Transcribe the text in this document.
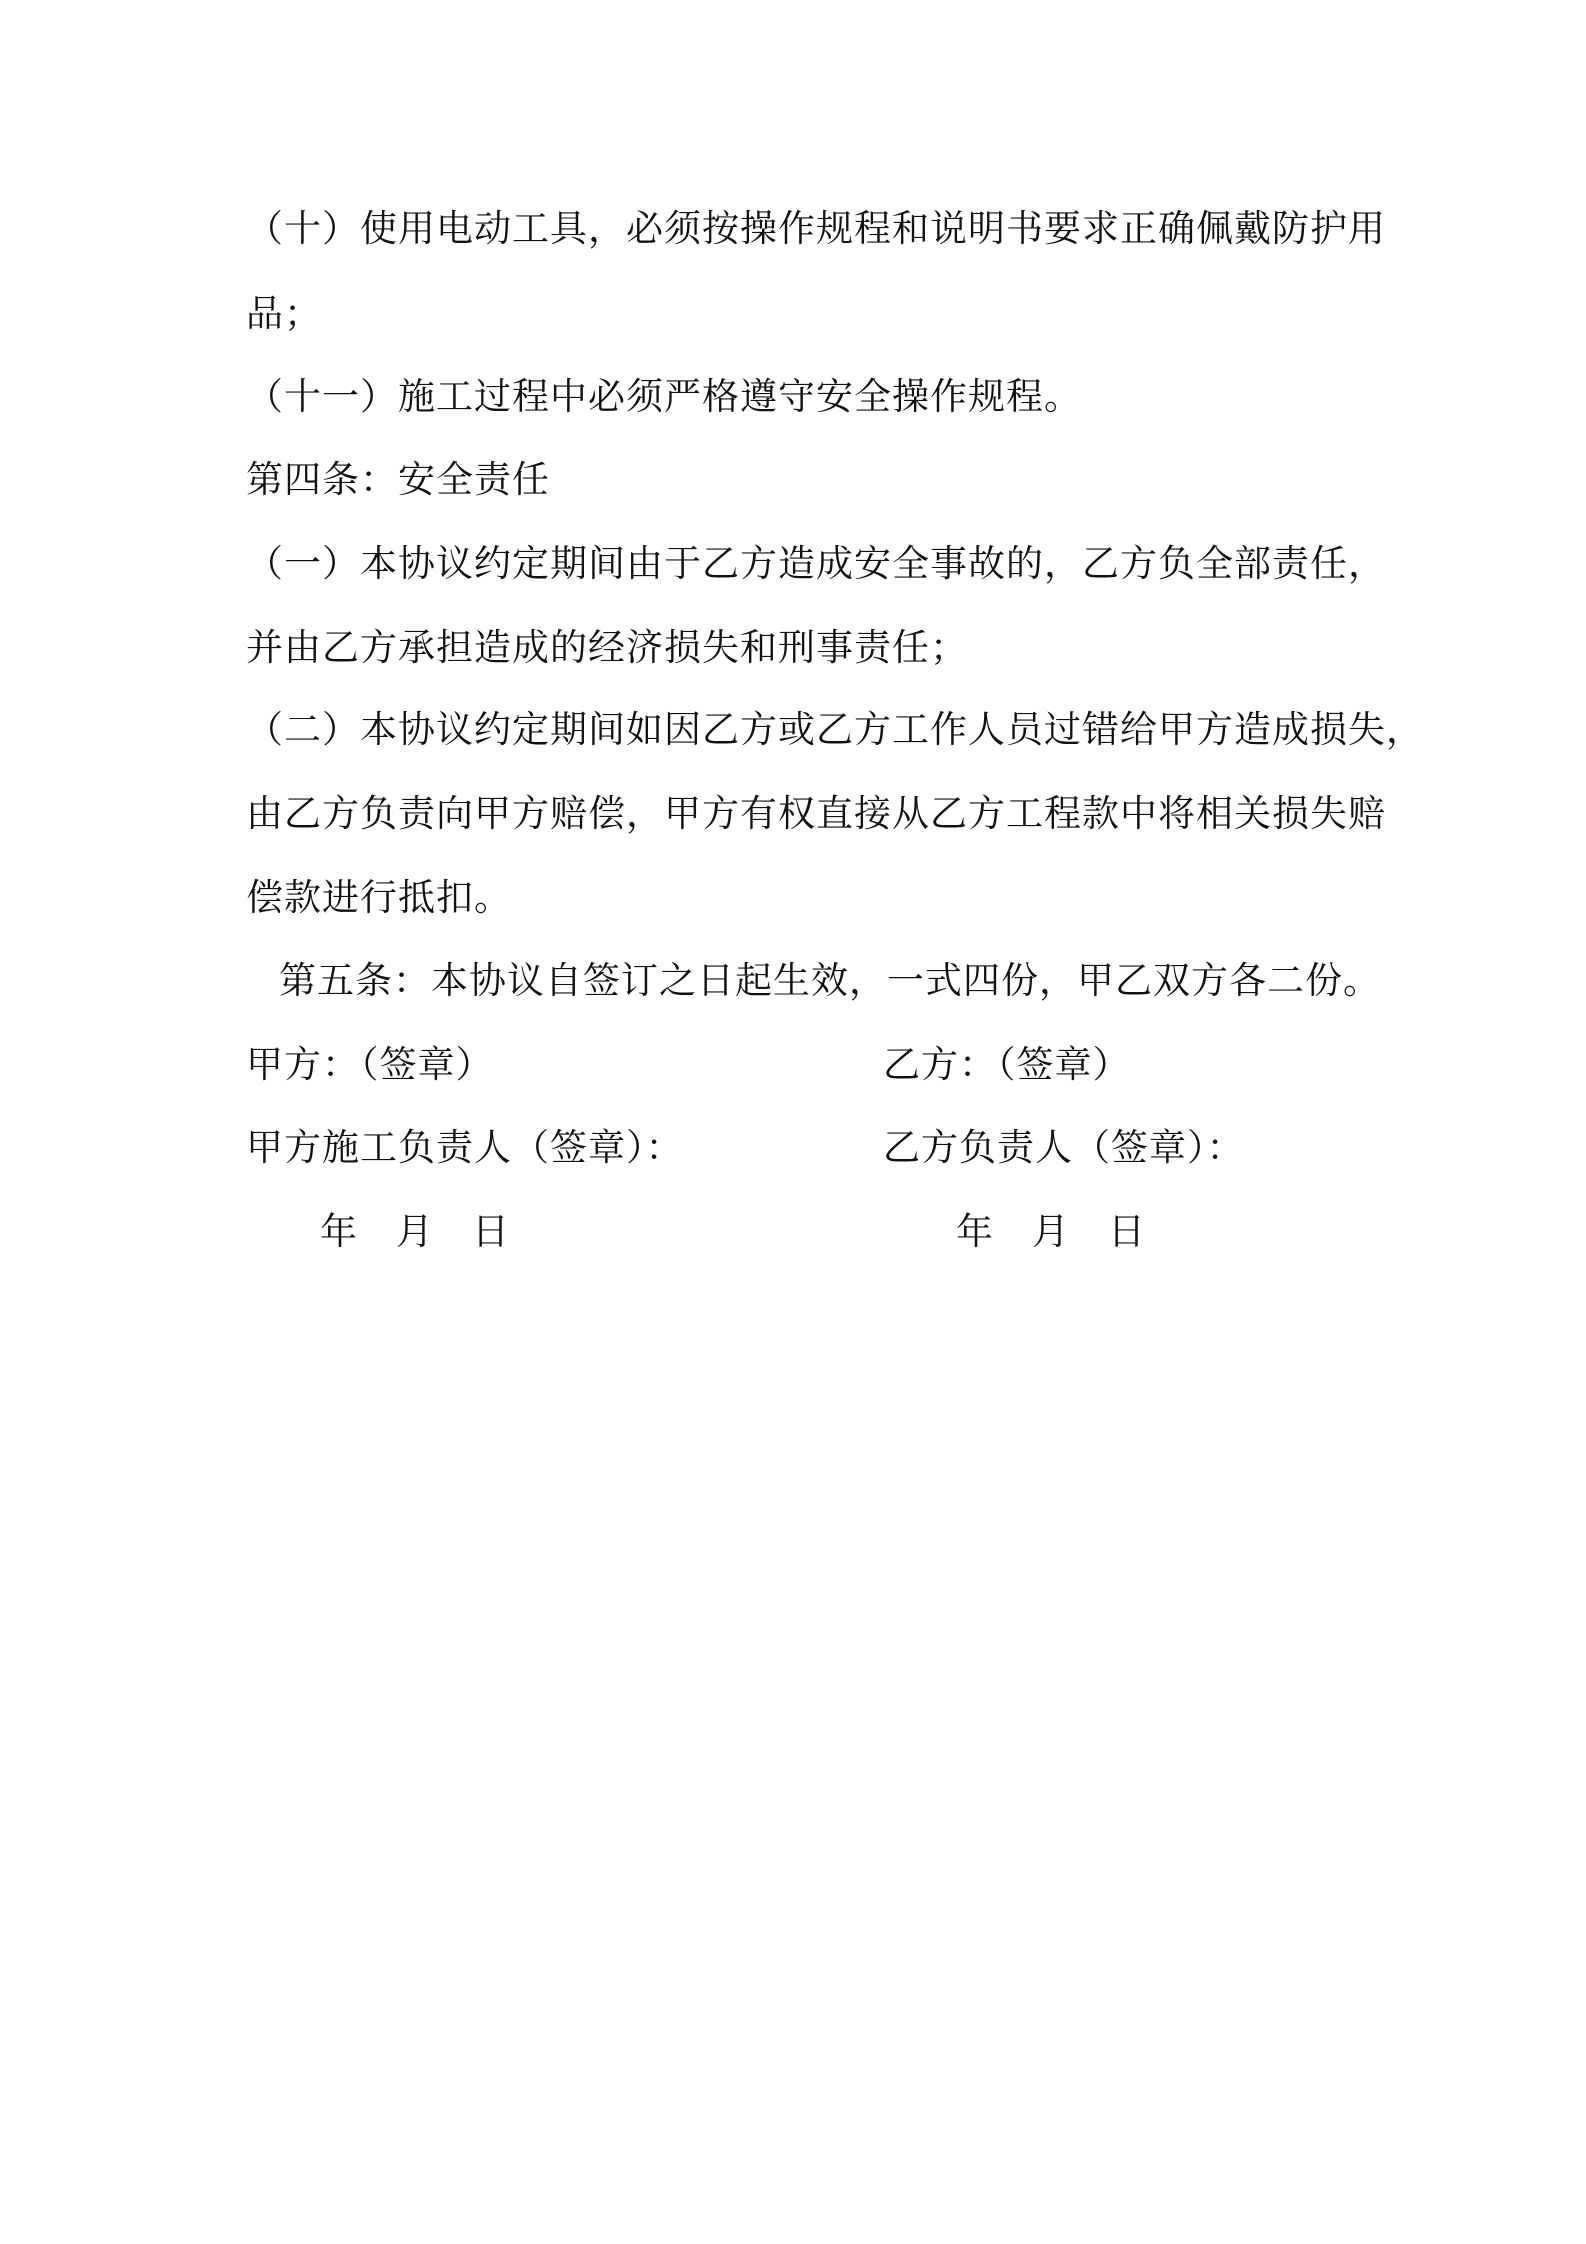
（十）使用电动工具，必须按操作规程和说明书要求正确佩戴防护用
品；
（十一）施工过程中必须严格遵守安全操作规程。
第四条：安全责任
（一）本协议约定期间由于乙方造成安全事故的，乙方负全部责任，
并由乙方承担造成的经济损失和刑事责任；
（二）本协议约定期间如因乙方或乙方工作人员过错给甲方造成损失，
由乙方负责向甲方赔偿，甲方有权直接从乙方工程款中将相关损失赔
偿款进行抵扣。
第五条：本协议自签订之日起生效，一式四份，甲乙双方各二份。
甲方：（签章）	乙方：（签章）
甲方施工负责人（签章）：	乙方负责人（签章）：
年　月　日	年　月　日
